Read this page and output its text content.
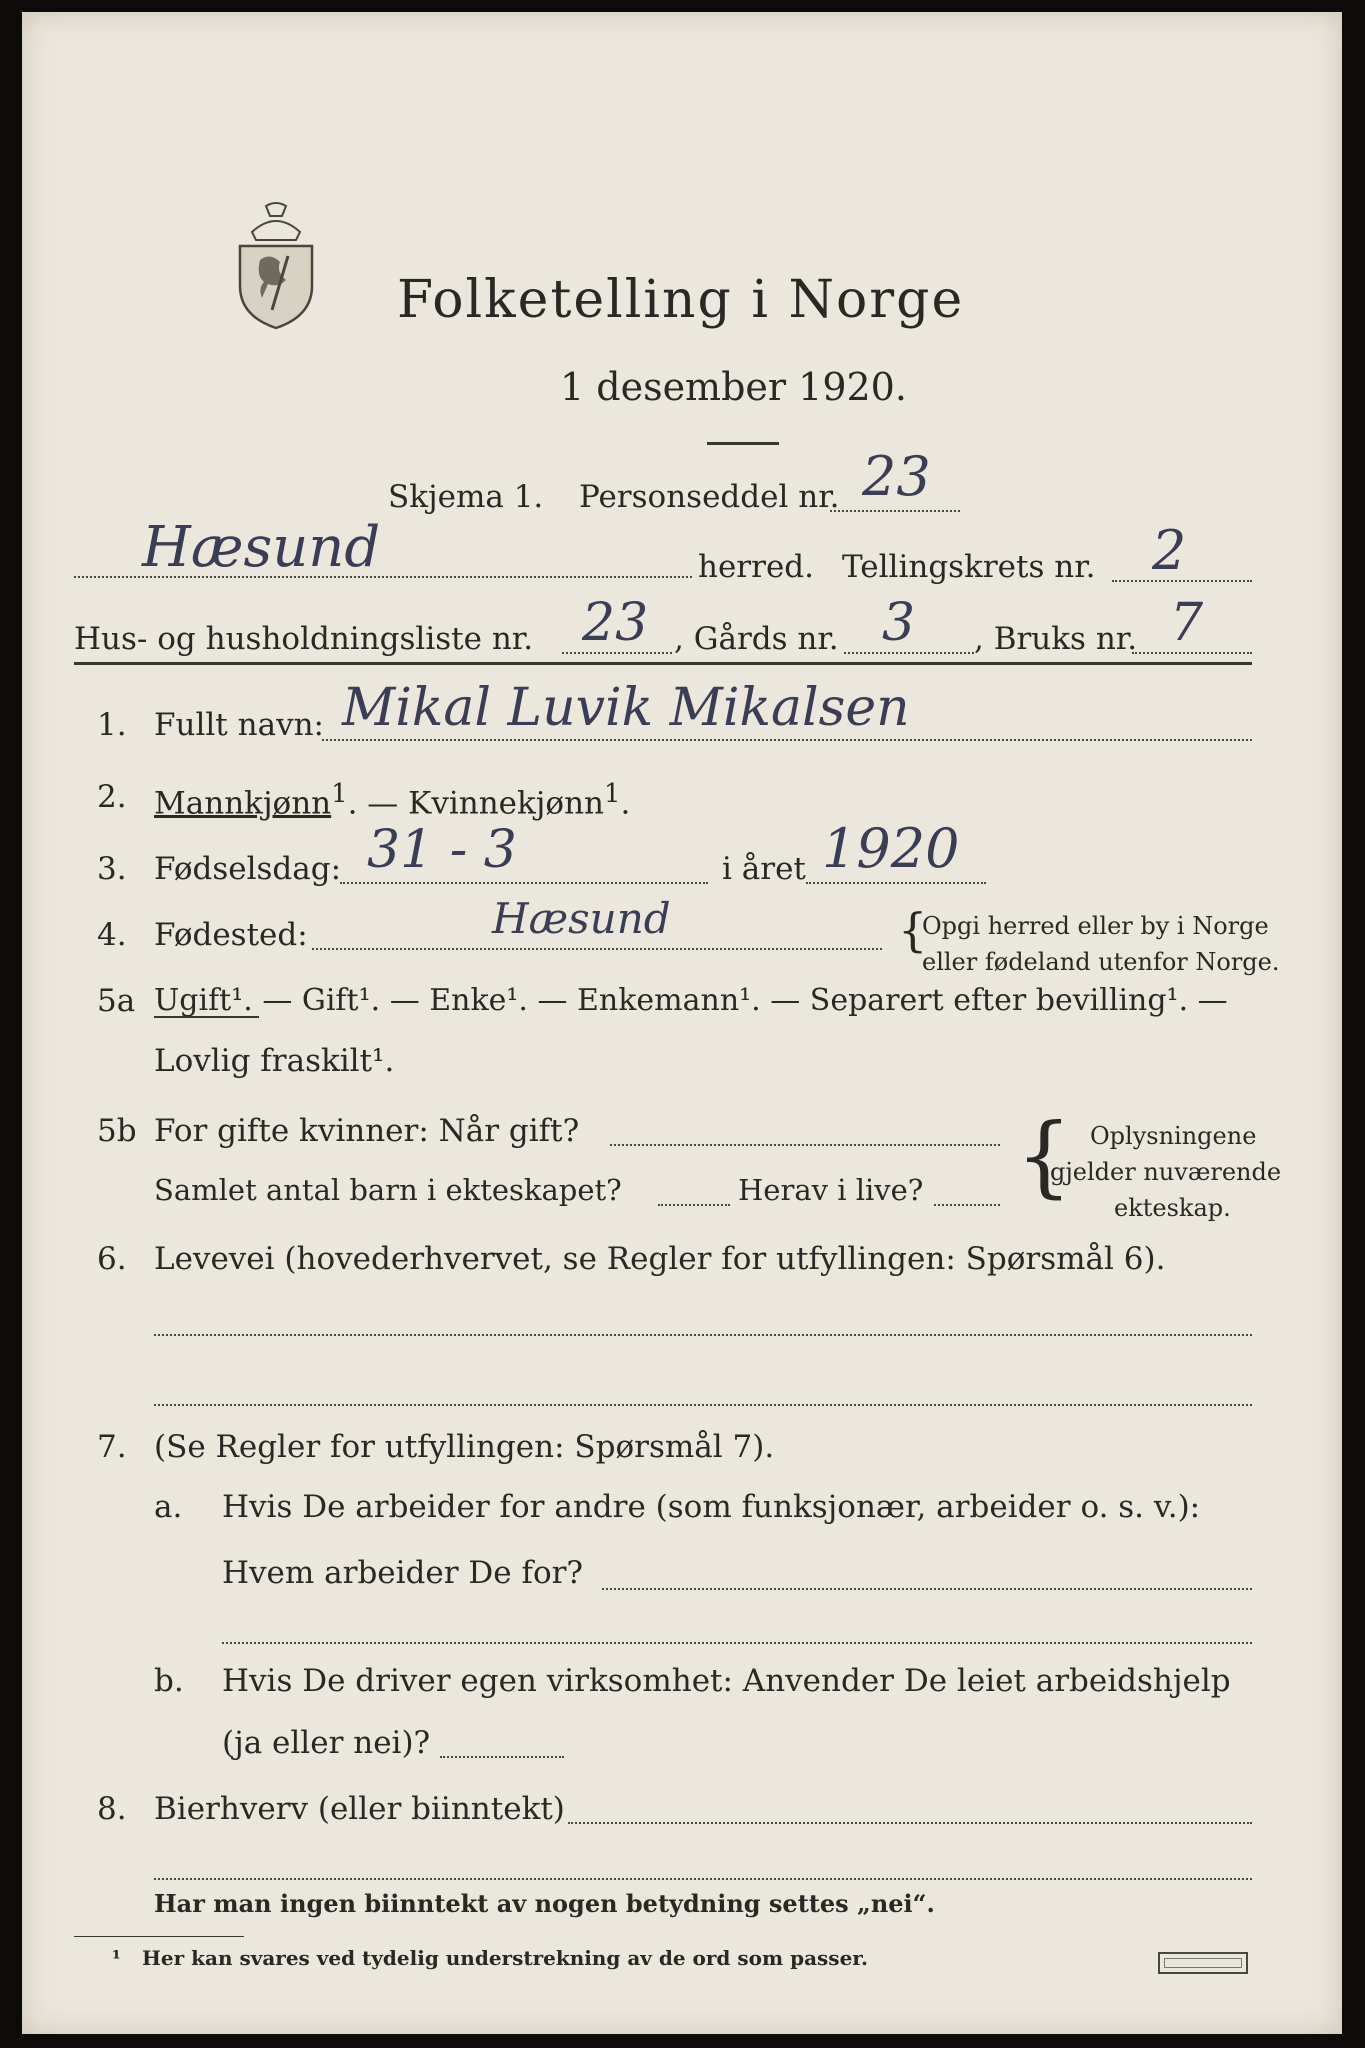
Folketelling i Norge
1 desember 1920.
Skjema 1. Personseddel nr. 23
Hæsund	herred. Tellingskrets nr. 2
Hus- og husholdningsliste nr. 23 , Gårds nr. 3 , Bruks nr. 7
1. Fullt navn: Mikal Luvik Mikalsen
2. Mannkjønn$^1$. — Kvinnekjønn$^1$.
3. Fødselsdag: 31 - 3	i året 1920
4. Fødested:	Hæsund	{
Opgi herred eller by i Norge
eller fødeland utenfor Norge.
5a Ugift¹. — Gift¹. — Enke¹. — Enkemann¹. — Separert efter bevilling¹. —
Lovlig fraskilt¹.
5b For gifte kvinner: Når gift?
Samlet antal barn i ekteskapet?	Herav i live? { Oplysningene
gjelder nuværende
ekteskap.
6. Levevei (hovederhvervet, se Regler for utfyllingen: Spørsmål 6).
7. (Se Regler for utfyllingen: Spørsmål 7).
a. Hvis De arbeider for andre (som funksjonær, arbeider o. s. v.):
Hvem arbeider De for?
b. Hvis De driver egen virksomhet: Anvender De leiet arbeidshjelp
(ja eller nei)?
8. Bierhverv (eller biinntekt)
Har man ingen biinntekt av nogen betydning settes „nei“.
¹ Her kan svares ved tydelig understrekning av de ord som passer.
